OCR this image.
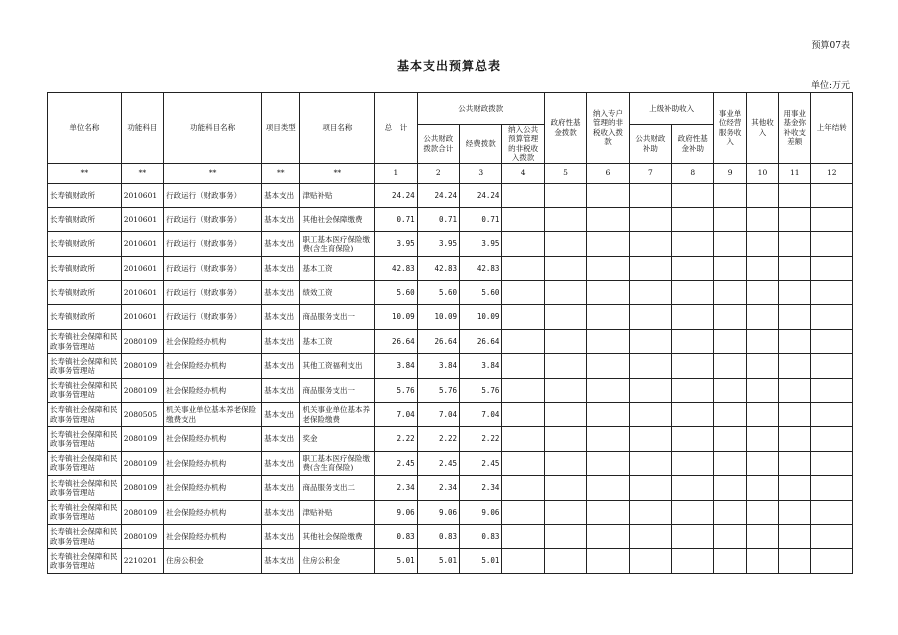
预算07表
基本支出预算总表
单位:万元
单位名称	功能科目	功能科目名称	项目类型	项目名称	总　计	公共财政拨款			政府性基金拨款	纳入专户管理的非税收入拨款	上级补助收入		事业单位经营服务收入	其他收入	用事业基金弥补收支差额	上年结转
						公共财政拨款合计	经费拨款	纳入公共预算管理的非税收入拨款			公共财政补助	政府性基金补助				
**	**	**	**	**	1	2	3	4	5	6	7	8	9	10	11	12
长寿镇财政所	2010601	行政运行（财政事务）	基本支出	津贴补贴	24.24	24.24	24.24									
长寿镇财政所	2010601	行政运行（财政事务）	基本支出	其他社会保障缴费	0.71	0.71	0.71									
长寿镇财政所	2010601	行政运行（财政事务）	基本支出	职工基本医疗保险缴费(含生育保险)	3.95	3.95	3.95									
长寿镇财政所	2010601	行政运行（财政事务）	基本支出	基本工资	42.83	42.83	42.83									
长寿镇财政所	2010601	行政运行（财政事务）	基本支出	绩效工资	5.60	5.60	5.60									
长寿镇财政所	2010601	行政运行（财政事务）	基本支出	商品服务支出一	10.09	10.09	10.09									
长寿镇社会保障和民政事务管理站	2080109	社会保险经办机构	基本支出	基本工资	26.64	26.64	26.64									
长寿镇社会保障和民政事务管理站	2080109	社会保险经办机构	基本支出	其他工资福利支出	3.84	3.84	3.84									
长寿镇社会保障和民政事务管理站	2080109	社会保险经办机构	基本支出	商品服务支出一	5.76	5.76	5.76									
长寿镇社会保障和民政事务管理站	2080505	机关事业单位基本养老保险缴费支出	基本支出	机关事业单位基本养老保险缴费	7.04	7.04	7.04									
长寿镇社会保障和民政事务管理站	2080109	社会保险经办机构	基本支出	奖金	2.22	2.22	2.22									
长寿镇社会保障和民政事务管理站	2080109	社会保险经办机构	基本支出	职工基本医疗保险缴费(含生育保险)	2.45	2.45	2.45									
长寿镇社会保障和民政事务管理站	2080109	社会保险经办机构	基本支出	商品服务支出二	2.34	2.34	2.34									
长寿镇社会保障和民政事务管理站	2080109	社会保险经办机构	基本支出	津贴补贴	9.06	9.06	9.06									
长寿镇社会保障和民政事务管理站	2080109	社会保险经办机构	基本支出	其他社会保险缴费	0.83	0.83	0.83									
长寿镇社会保障和民政事务管理站	2210201	住房公积金	基本支出	住房公积金	5.01	5.01	5.01									
